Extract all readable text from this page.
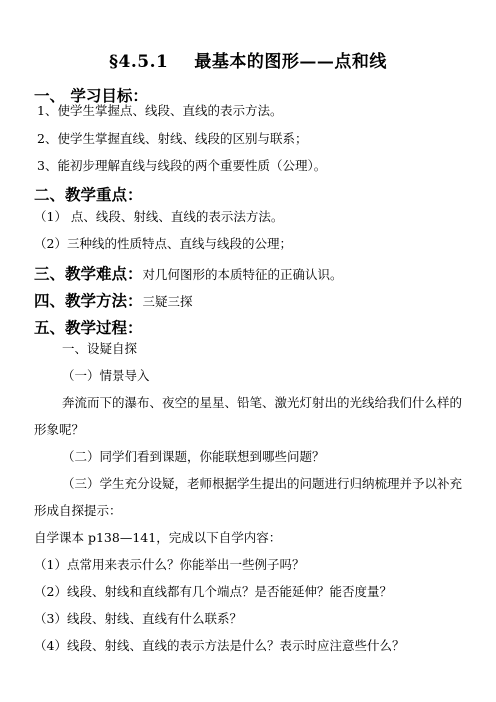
§4.5.1 最基本的图形——点和线
一、 学习目标：
1、使学生掌握点、线段、直线的表示方法。
2、使学生掌握直线、射线、线段的区别与联系；
3、能初步理解直线与线段的两个重要性质（公理）。
二、教学重点：
（1） 点、线段、射线、直线的表示法方法。
（2）三种线的性质特点、直线与线段的公理；
三、教学难点：对几何图形的本质特征的正确认识。
四、教学方法：三疑三探
五、教学过程：
一、设疑自探
（一）情景导入
奔流而下的瀑布、夜空的星星、铅笔、激光灯射出的光线给我们什么样的
形象呢？
（二）同学们看到课题，你能联想到哪些问题？
（三）学生充分设疑，老师根据学生提出的问题进行归纳梳理并予以补充
形成自探提示：
自学课本 p138—141，完成以下自学内容：
（1）点常用来表示什么？你能举出一些例子吗？
（2）线段、射线和直线都有几个端点？是否能延伸？能否度量？
（3）线段、射线、直线有什么联系？
（4）线段、射线、直线的表示方法是什么？表示时应注意些什么？
